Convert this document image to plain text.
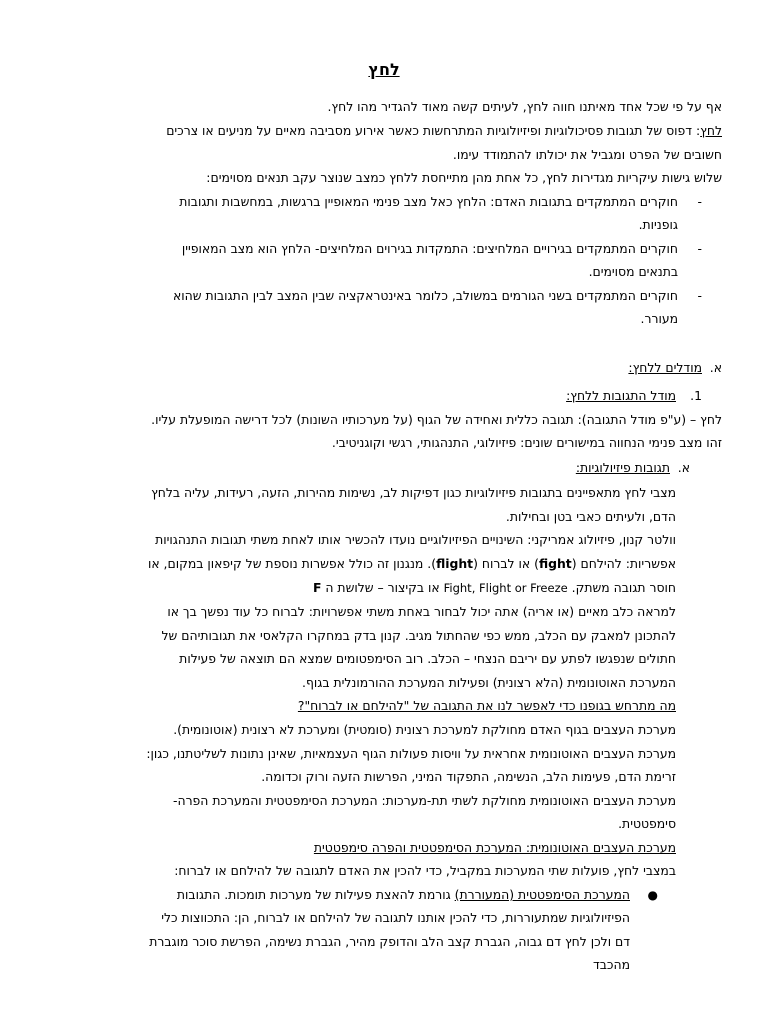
לחץ
אף על פי שכל אחד מאיתנו חווה לחץ, לעיתים קשה מאוד להגדיר מהו לחץ.
לחץ: דפוס של תגובות פסיכולוגיות ופיזיולוגיות המתרחשות כאשר אירוע מסביבה מאיים על מניעים או צרכים
חשובים של הפרט ומגביל את יכולתו להתמודד עימו.
שלוש גישות עיקריות מגדירות לחץ, כל אחת מהן מתייחסת ללחץ כמצב שנוצר עקב תנאים מסוימים:
-
חוקרים המתמקדים בתגובות האדם: הלחץ כאל מצב פנימי המאופיין ברגשות, במחשבות ותגובות
גופניות.
-
חוקרים המתמקדים בגירויים המלחיצים: התמקדות בגירוים המלחיצים- הלחץ הוא מצב המאופיין
בתנאים מסוימים.
-
חוקרים המתמקדים בשני הגורמים במשולב, כלומר באינטראקציה שבין המצב לבין התגובות שהוא
מעורר.
א.
מודלים ללחץ:
1.
מודל התגובות ללחץ:
לחץ – (ע"פ מודל התגובה): תגובה כללית ואחידה של הגוף (על מערכותיו השונות) לכל דרישה המופעלת עליו.
זהו מצב פנימי הנחווה במישורים שונים: פיזיולוגי, התנהגותי, רגשי וקוגניטיבי.
א.
תגובות פיזיולוגיות:
מצבי לחץ מתאפיינים בתגובות פיזיולוגיות כגון דפיקות לב, נשימות מהירות, הזעה, רעידות, עליה בלחץ
הדם, ולעיתים כאבי בטן ובחילות.
וולטר קנון, פיזיולוג אמריקני: השינויים הפיזיולוגיים נועדו להכשיר אותו לאחת משתי תגובות התנהגויות
אפשריות: להילחם (fight) או לברוח (flight). מנגנון זה כולל אפשרות נוספת של קיפאון במקום, או
חוסר תגובה משתק. Fight, Flight or Freeze או בקיצור – שלושת ה F
למראה כלב מאיים (או אריה) אתה יכול לבחור באחת משתי אפשרויות: לברוח כל עוד נפשך בך או
להתכונן למאבק עם הכלב, ממש כפי שהחתול מגיב. קנון בדק במחקרו הקלאסי את תגובותיהם של
חתולים שנפגשו לפתע עם יריבם הנצחי – הכלב. רוב הסימפטומים שמצא הם תוצאה של פעילות
המערכת האוטונומית (הלא רצונית) ופעילות המערכת ההורמונלית בגוף.
מה מתרחש בגופנו כדי לאפשר לנו את התגובה של "להילחם או לברוח"?
מערכת העצבים בגוף האדם מחולקת למערכת רצונית (סומטית) ומערכת לא רצונית (אוטונומית).
מערכת העצבים האוטונומית אחראית על וויסות פעולות הגוף העצמאיות, שאינן נתונות לשליטתנו, כגון:
זרימת הדם, פעימות הלב, הנשימה, התפקוד המיני, הפרשות הזעה ורוק וכדומה.
מערכת העצבים האוטונומית מחולקת לשתי תת-מערכות: המערכת הסימפטטית והמערכת הפרה-
סימפטטית.
מערכת העצבים האוטונומית: המערכת הסימפטטית והפרה סימפטטית
במצבי לחץ, פועלות שתי המערכות במקביל, כדי להכין את האדם לתגובה של להילחם או לברוח:
●
המערכת הסימפטטית (המעוררת) גורמת להאצת פעילות של מערכות תומכות. התגובות
הפיזיולוגיות שמתעוררות, כדי להכין אותנו לתגובה של להילחם או לברוח, הן: התכווצות כלי
דם ולכן לחץ דם גבוה, הגברת קצב הלב והדופק מהיר, הגברת נשימה, הפרשת סוכר מוגברת
מהכבד
